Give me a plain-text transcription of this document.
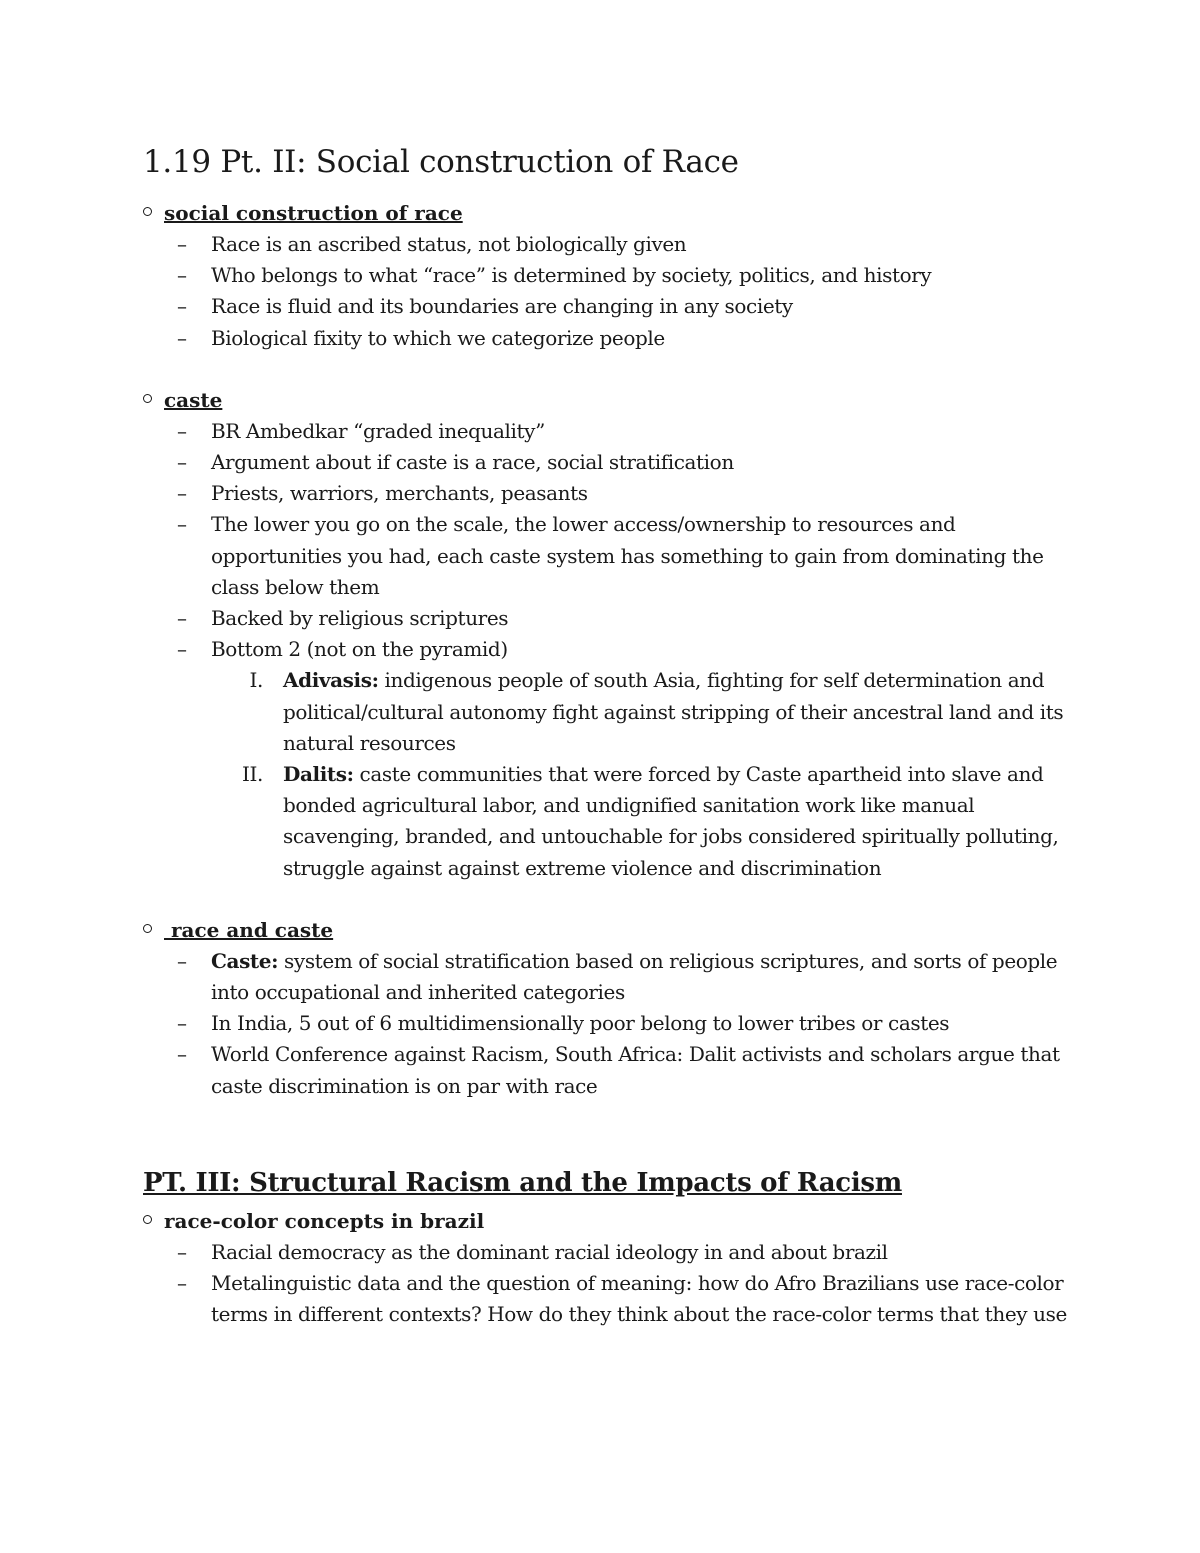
1.19 Pt. II: Social construction of Race
social construction of race
– Race is an ascribed status, not biologically given
– Who belongs to what “race” is determined by society, politics, and history
– Race is fluid and its boundaries are changing in any society
– Biological fixity to which we categorize people
caste
– BR Ambedkar “graded inequality”
– Argument about if caste is a race, social stratification
– Priests, warriors, merchants, peasants
– The lower you go on the scale, the lower access/ownership to resources and opportunities you had, each caste system has something to gain from dominating the class below them
– Backed by religious scriptures
– Bottom 2 (not on the pyramid)
I. Adivasis: indigenous people of south Asia, fighting for self determination and political/cultural autonomy fight against stripping of their ancestral land and its natural resources
II. Dalits: caste communities that were forced by Caste apartheid into slave and bonded agricultural labor, and undignified sanitation work like manual scavenging, branded, and untouchable for jobs considered spiritually polluting, struggle against against extreme violence and discrimination
race and caste
– Caste: system of social stratification based on religious scriptures, and sorts of people into occupational and inherited categories
– In India, 5 out of 6 multidimensionally poor belong to lower tribes or castes
– World Conference against Racism, South Africa: Dalit activists and scholars argue that caste discrimination is on par with race
PT. III: Structural Racism and the Impacts of Racism
race-color concepts in brazil
– Racial democracy as the dominant racial ideology in and about brazil
– Metalinguistic data and the question of meaning: how do Afro Brazilians use race-color terms in different contexts? How do they think about the race-color terms that they use
